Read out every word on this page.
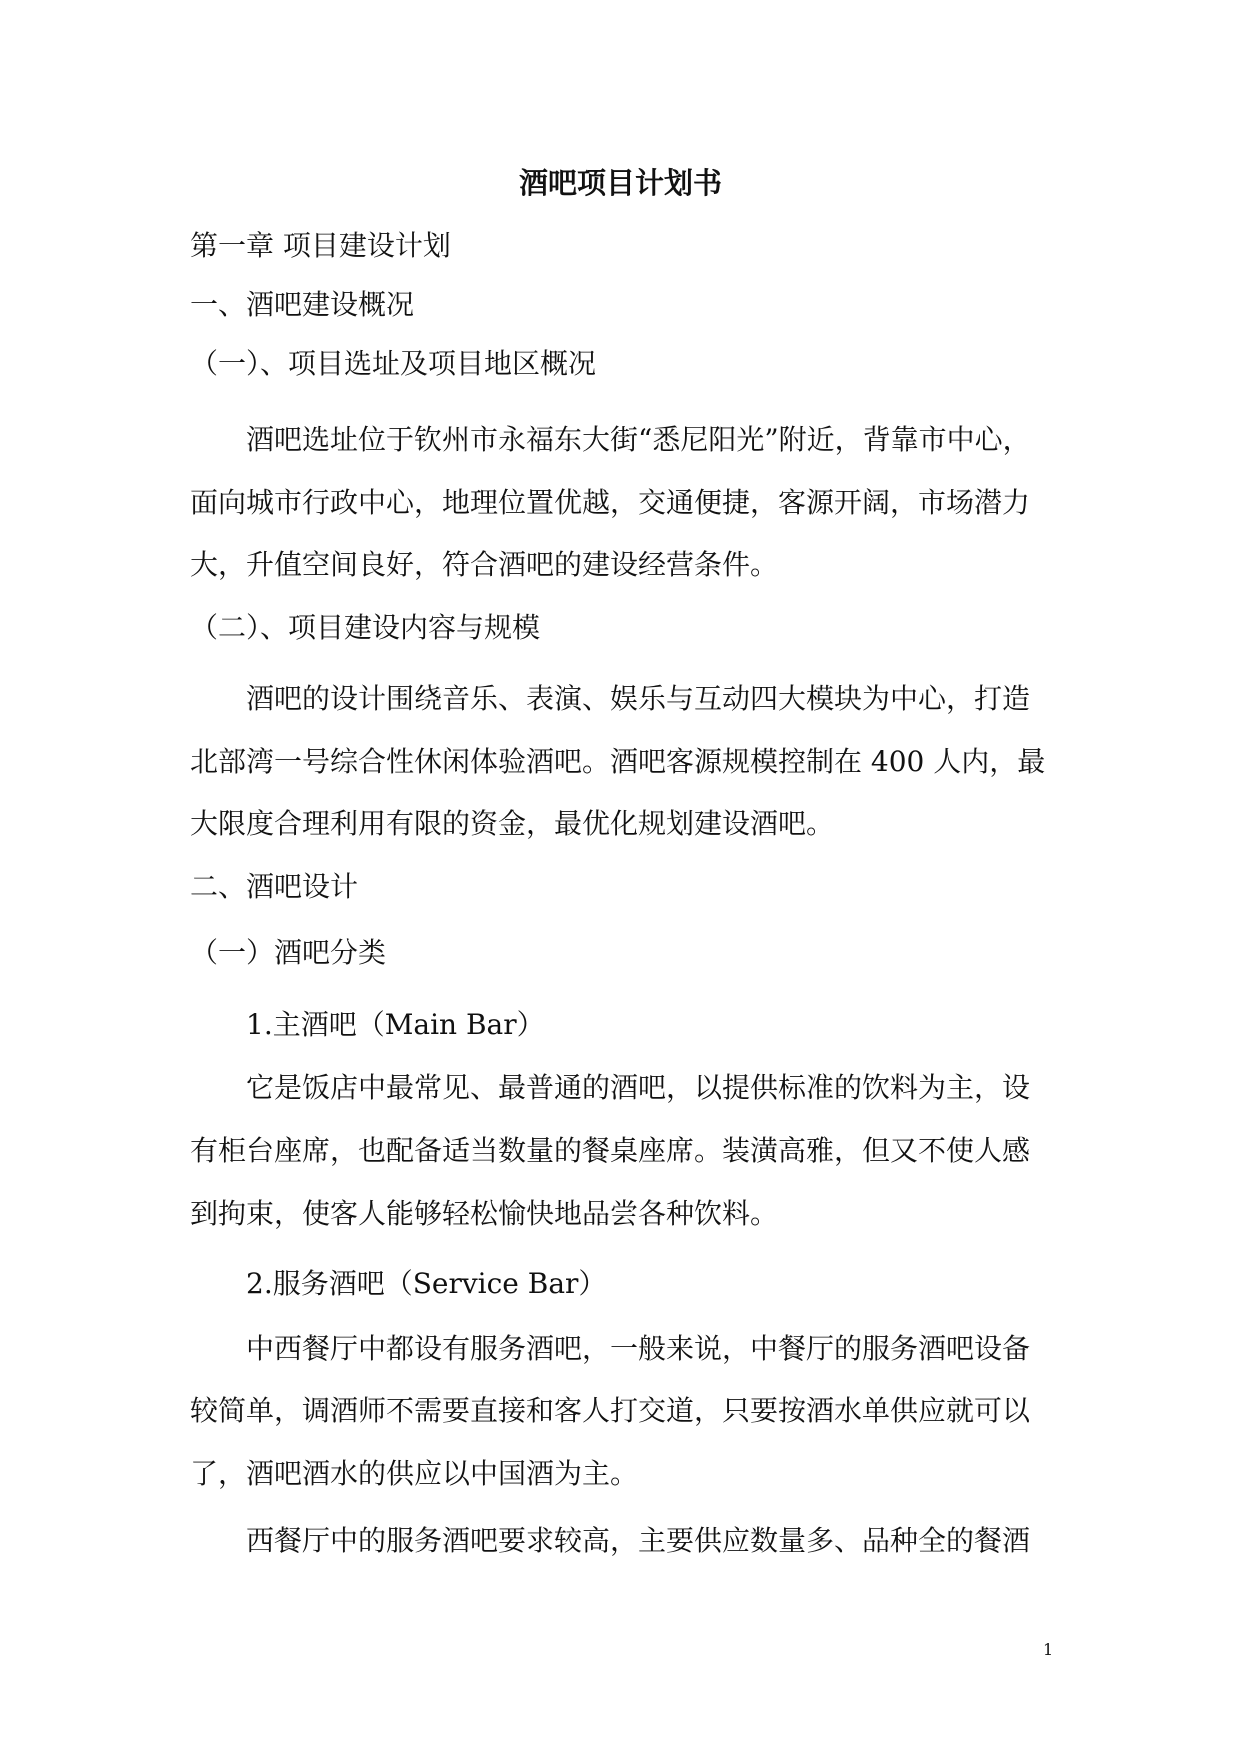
酒吧项目计划书
第一章 项目建设计划
一、酒吧建设概况
（一）、项目选址及项目地区概况
酒吧选址位于钦州市永福东大街“悉尼阳光”附近，背靠市中心，
面向城市行政中心，地理位置优越，交通便捷，客源开阔，市场潜力
大，升值空间良好，符合酒吧的建设经营条件。
（二）、项目建设内容与规模
酒吧的设计围绕音乐、表演、娱乐与互动四大模块为中心，打造
北部湾一号综合性休闲体验酒吧。酒吧客源规模控制在 400 人内，最
大限度合理利用有限的资金，最优化规划建设酒吧。
二、酒吧设计
（一）酒吧分类
1.主酒吧（Main Bar）
它是饭店中最常见、最普通的酒吧，以提供标准的饮料为主，设
有柜台座席，也配备适当数量的餐桌座席。装潢高雅，但又不使人感
到拘束，使客人能够轻松愉快地品尝各种饮料。
2.服务酒吧（Service Bar）
中西餐厅中都设有服务酒吧，一般来说，中餐厅的服务酒吧设备
较简单，调酒师不需要直接和客人打交道，只要按酒水单供应就可以
了，酒吧酒水的供应以中国酒为主。
西餐厅中的服务酒吧要求较高，主要供应数量多、品种全的餐酒
1
